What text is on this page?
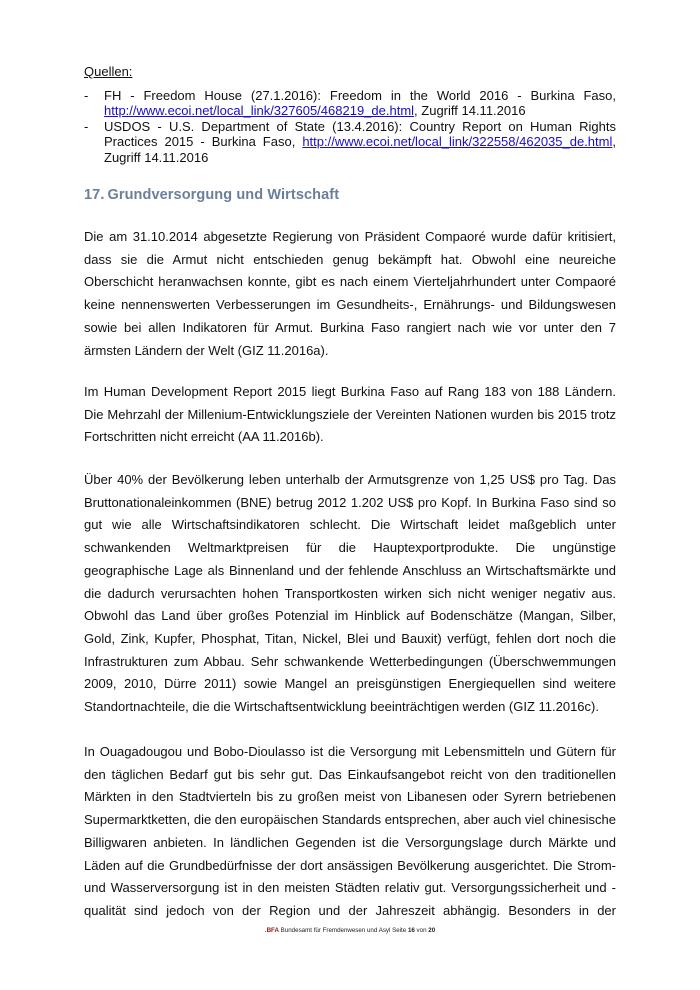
Quellen:
- FH - Freedom House (27.1.2016): Freedom in the World 2016 - Burkina Faso, http://www.ecoi.net/local_link/327605/468219_de.html, Zugriff 14.11.2016
- USDOS - U.S. Department of State (13.4.2016): Country Report on Human Rights Practices 2015 - Burkina Faso, http://www.ecoi.net/local_link/322558/462035_de.html, Zugriff 14.11.2016
17. Grundversorgung und Wirtschaft

Die am 31.10.2014 abgesetzte Regierung von Präsident Compaoré wurde dafür kritisiert, dass sie die Armut nicht entschieden genug bekämpft hat. Obwohl eine neureiche Oberschicht heranwachsen konnte, gibt es nach einem Vierteljahrhundert unter Compaoré keine nennenswerten Verbesserungen im Gesundheits-, Ernährungs- und Bildungswesen sowie bei allen Indikatoren für Armut. Burkina Faso rangiert nach wie vor unter den 7 ärmsten Ländern der Welt (GIZ 11.2016a).

Im Human Development Report 2015 liegt Burkina Faso auf Rang 183 von 188 Ländern. Die Mehrzahl der Millenium-Entwicklungsziele der Vereinten Nationen wurden bis 2015 trotz Fortschritten nicht erreicht (AA 11.2016b).

Über 40% der Bevölkerung leben unterhalb der Armutsgrenze von 1,25 US$ pro Tag. Das Bruttonationaleinkommen (BNE) betrug 2012 1.202 US$ pro Kopf. In Burkina Faso sind so gut wie alle Wirtschaftsindikatoren schlecht. Die Wirtschaft leidet maßgeblich unter schwankenden Weltmarktpreisen für die Hauptexportprodukte. Die ungünstige geographische Lage als Binnenland und der fehlende Anschluss an Wirtschaftsmärkte und die dadurch verursachten hohen Transportkosten wirken sich nicht weniger negativ aus. Obwohl das Land über großes Potenzial im Hinblick auf Bodenschätze (Mangan, Silber, Gold, Zink, Kupfer, Phosphat, Titan, Nickel, Blei und Bauxit) verfügt, fehlen dort noch die Infrastrukturen zum Abbau. Sehr schwankende Wetterbedingungen (Überschwemmungen 2009, 2010, Dürre 2011) sowie Mangel an preisgünstigen Energiequellen sind weitere Standortnachteile, die die Wirtschaftsentwicklung beeinträchtigen werden (GIZ 11.2016c).

In Ouagadougou und Bobo-Dioulasso ist die Versorgung mit Lebensmitteln und Gütern für den täglichen Bedarf gut bis sehr gut. Das Einkaufsangebot reicht von den traditionellen Märkten in den Stadtvierteln bis zu großen meist von Libanesen oder Syrern betriebenen Supermarktketten, die den europäischen Standards entsprechen, aber auch viel chinesische Billigwaren anbieten. In ländlichen Gegenden ist die Versorgungslage durch Märkte und Läden auf die Grundbedürfnisse der dort ansässigen Bevölkerung ausgerichtet. Die Strom- und Wasserversorgung ist in den meisten Städten relativ gut. Versorgungssicherheit und -qualität sind jedoch von der Region und der Jahreszeit abhängig. Besonders in der

.BFA Bundesamt für Fremdenwesen und Asyl Seite 16 von 20
